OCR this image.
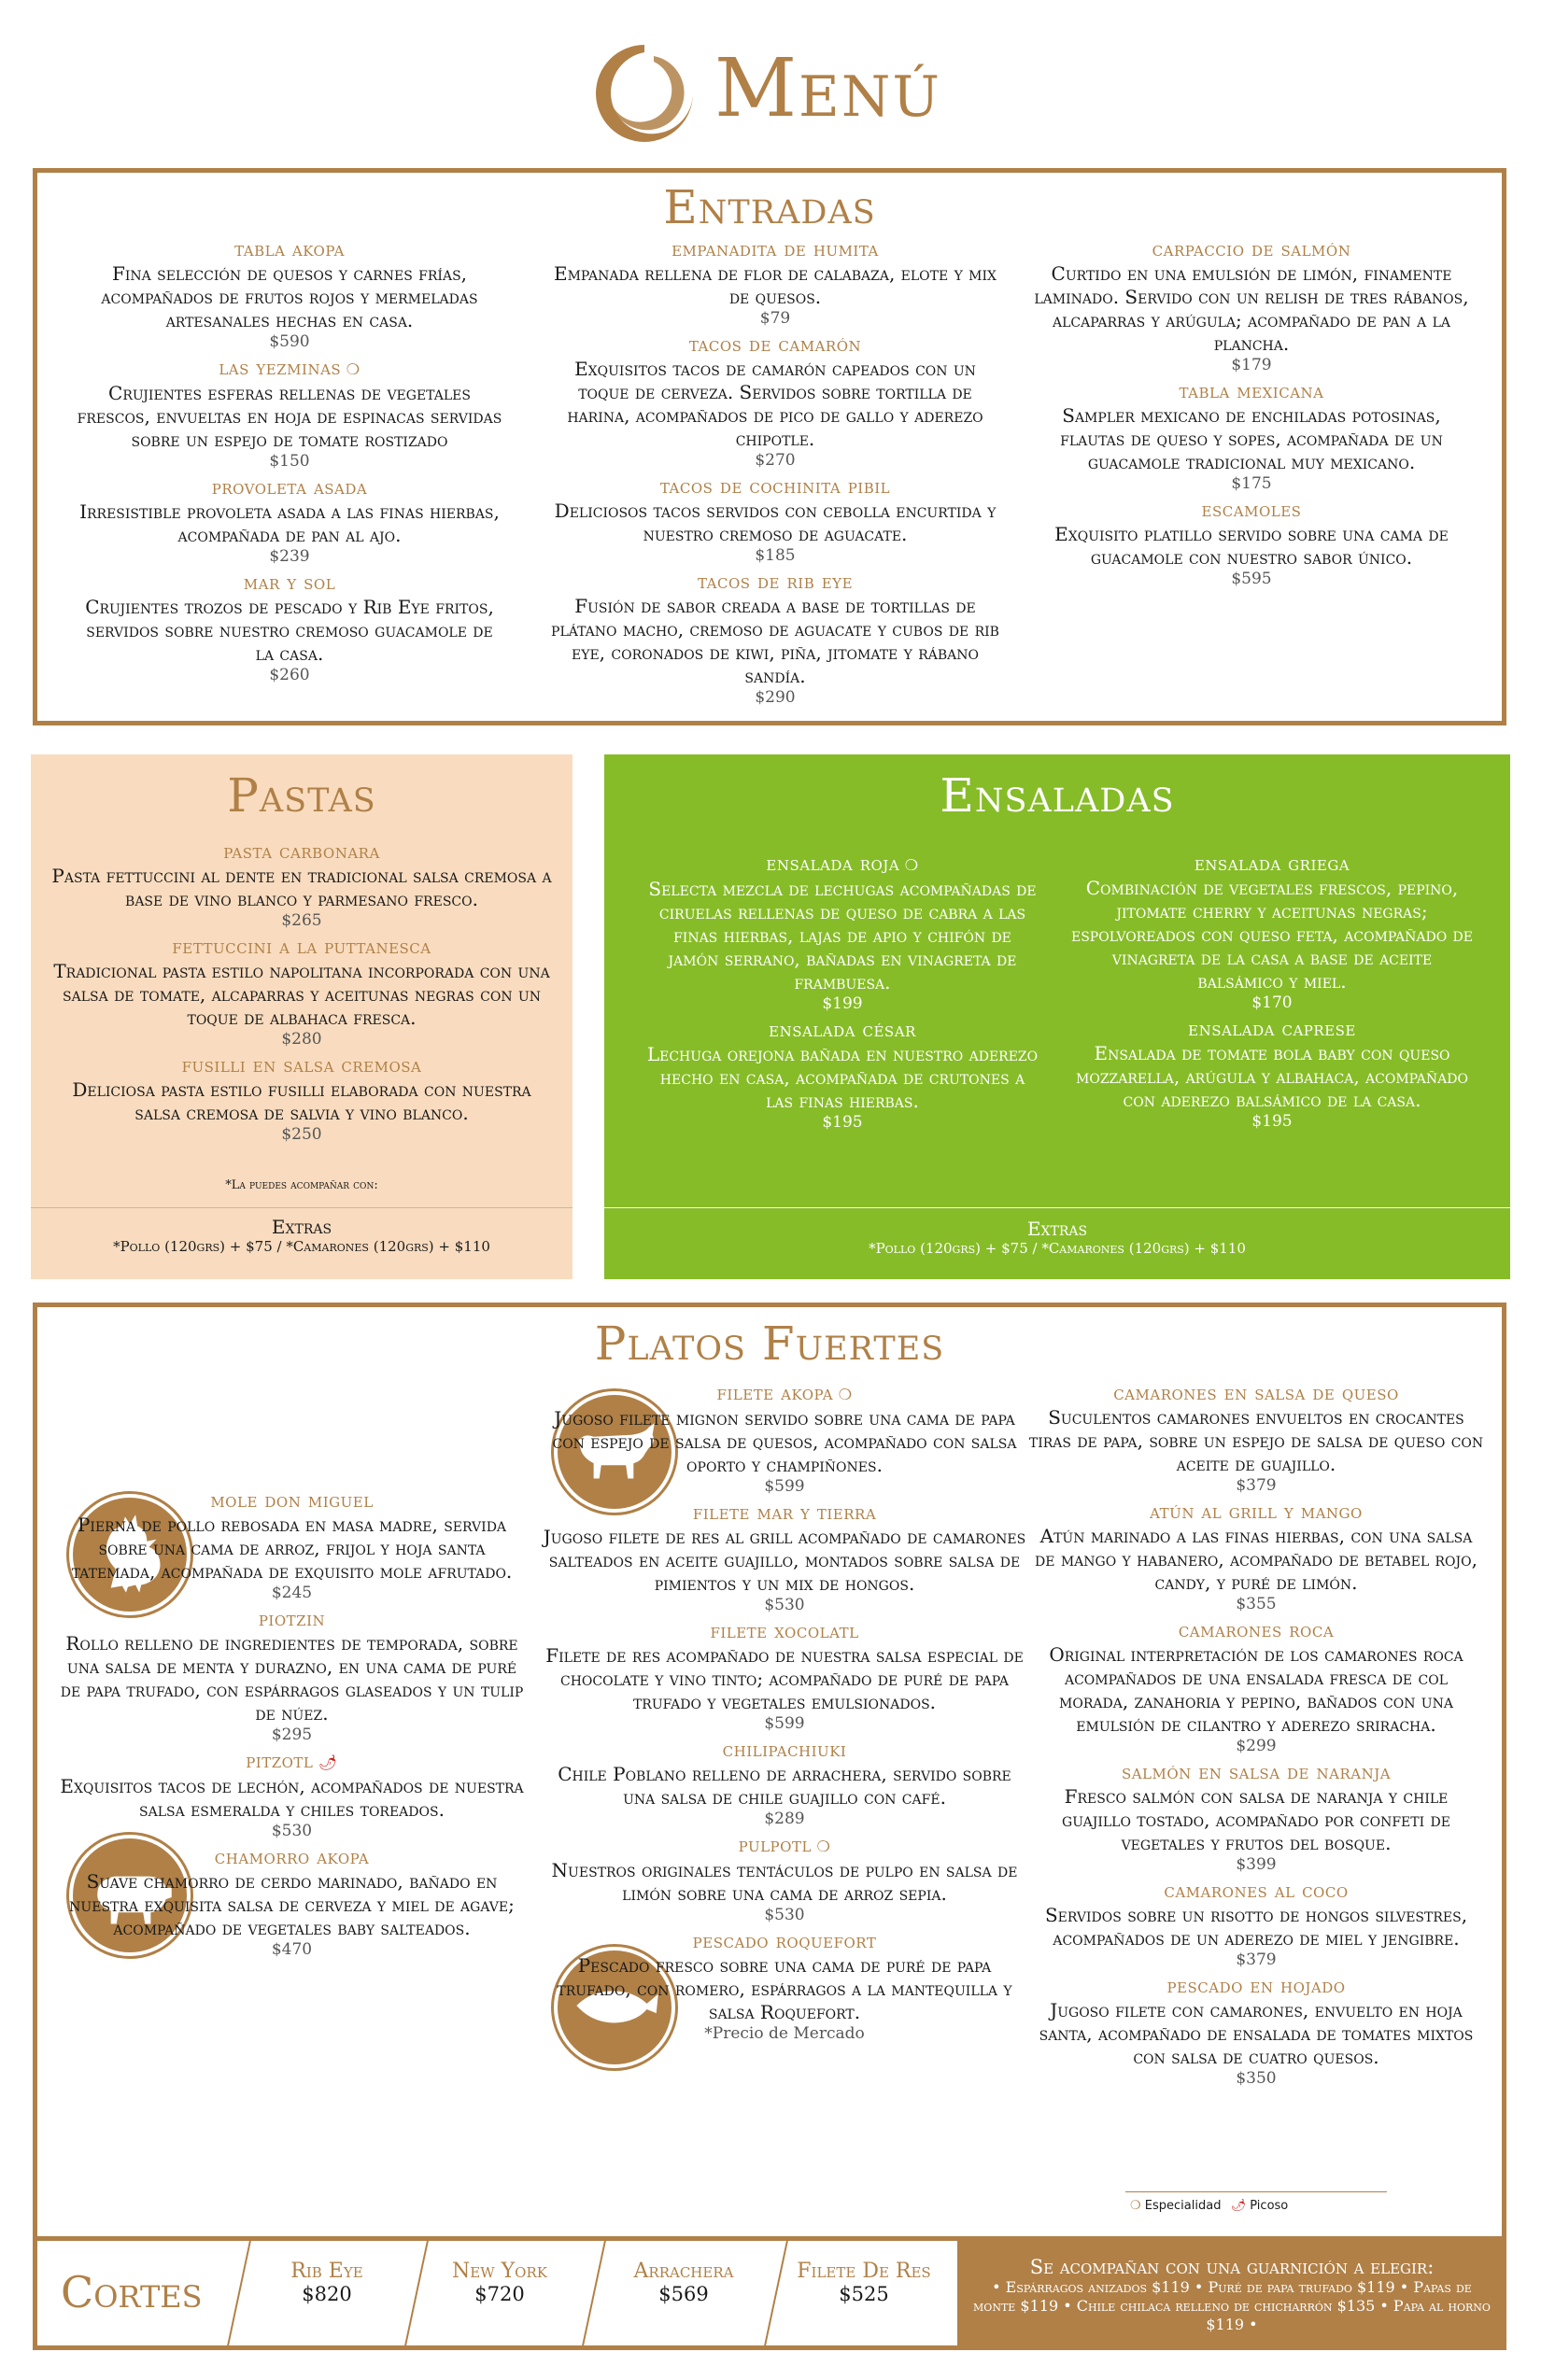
Menú
Entradas
tabla akopa
Fina selección de quesos y carnes frías, acompañados de frutos rojos y mermeladas artesanales hechas en casa.
$590
las yezminas ❍
Crujientes esferas rellenas de vegetales frescos, envueltas en hoja de espinacas servidas sobre un espejo de tomate rostizado
$150
provoleta asada
Irresistible provoleta asada a las finas hierbas, acompañada de pan al ajo.
$239
mar y sol
Crujientes trozos de pescado y Rib Eye fritos, servidos sobre nuestro cremoso guacamole de la casa.
$260
empanadita de humita
Empanada rellena de flor de calabaza, elote y mix de quesos.
$79
tacos de camarón
Exquisitos tacos de camarón capeados con un toque de cerveza. Servidos sobre tortilla de harina, acompañados de pico de gallo y aderezo chipotle.
$270
tacos de cochinita pibil
Deliciosos tacos servidos con cebolla encurtida y nuestro cremoso de aguacate.
$185
tacos de rib eye
Fusión de sabor creada a base de tortillas de plátano macho, cremoso de aguacate y cubos de rib eye, coronados de kiwi, piña, jitomate y rábano sandía.
$290
carpaccio de salmón
Curtido en una emulsión de limón, finamente laminado. Servido con un relish de tres rábanos, alcaparras y arúgula; acompañado de pan a la plancha.
$179
tabla mexicana
Sampler mexicano de enchiladas potosinas, flautas de queso y sopes, acompañada de un guacamole tradicional muy mexicano.
$175
escamoles
Exquisito platillo servido sobre una cama de guacamole con nuestro sabor único.
$595
Pastas
pasta carbonara
Pasta fettuccini al dente en tradicional salsa cremosa a base de vino blanco y parmesano fresco.
$265
fettuccini a la puttanesca
Tradicional pasta estilo napolitana incorporada con una salsa de tomate, alcaparras y aceitunas negras con un toque de albahaca fresca.
$280
fusilli en salsa cremosa
Deliciosa pasta estilo fusilli elaborada con nuestra salsa cremosa de salvia y vino blanco.
$250
*La puedes acompañar con:
Extras
*Pollo (120grs) + $75 / *Camarones (120grs) + $110
Ensaladas
ensalada roja ❍
Selecta mezcla de lechugas acompañadas de ciruelas rellenas de queso de cabra a las finas hierbas, lajas de apio y chifón de jamón serrano, bañadas en vinagreta de frambuesa.
$199
ensalada césar
Lechuga orejona bañada en nuestro aderezo hecho en casa, acompañada de crutones a las finas hierbas.
$195
ensalada griega
Combinación de vegetales frescos, pepino, jitomate cherry y aceitunas negras; espolvoreados con queso feta, acompañado de vinagreta de la casa a base de aceite balsámico y miel.
$170
ensalada caprese
Ensalada de tomate bola baby con queso mozzarella, arúgula y albahaca, acompañado con aderezo balsámico de la casa.
$195
Extras
*Pollo (120grs) + $75 / *Camarones (120grs) + $110
Platos Fuertes
mole don miguel
Pierna de pollo rebosada en masa madre, servida sobre una cama de arroz, frijol y hoja santa tatemada, acompañada de exquisito mole afrutado.
$245
piotzin
Rollo relleno de ingredientes de temporada, sobre una salsa de menta y durazno, en una cama de puré de papa trufado, con espárragos glaseados y un tulip de núez.
$295
pitzotl 🌶
Exquisitos tacos de lechón, acompañados de nuestra salsa esmeralda y chiles toreados.
$530
chamorro akopa
Suave chamorro de cerdo marinado, bañado en nuestra exquisita salsa de cerveza y miel de agave; acompañado de vegetales baby salteados.
$470
filete akopa ❍
Jugoso filete mignon servido sobre una cama de papa con espejo de salsa de quesos, acompañado con salsa oporto y champiñones.
$599
filete mar y tierra
Jugoso filete de res al grill acompañado de camarones salteados en aceite guajillo, montados sobre salsa de pimientos y un mix de hongos.
$530
filete xocolatl
Filete de res acompañado de nuestra salsa especial de chocolate y vino tinto; acompañado de puré de papa trufado y vegetales emulsionados.
$599
chilipachiuki
Chile Poblano relleno de arrachera, servido sobre una salsa de chile guajillo con café.
$289
pulpotl ❍
Nuestros originales tentáculos de pulpo en salsa de limón sobre una cama de arroz sepia.
$530
pescado roquefort
Pescado fresco sobre una cama de puré de papa trufado, con romero, espárragos a la mantequilla y salsa Roquefort.
*Precio de Mercado
camarones en salsa de queso
Suculentos camarones envueltos en crocantes tiras de papa, sobre un espejo de salsa de queso con aceite de guajillo.
$379
atún al grill y mango
Atún marinado a las finas hierbas, con una salsa de mango y habanero, acompañado de betabel rojo, candy, y puré de limón.
$355
camarones roca
Original interpretación de los camarones roca acompañados de una ensalada fresca de col morada, zanahoria y pepino, bañados con una emulsión de cilantro y aderezo sriracha.
$299
salmón en salsa de naranja
Fresco salmón con salsa de naranja y chile guajillo tostado, acompañado por confeti de vegetales y frutos del bosque.
$399
camarones al coco
Servidos sobre un risotto de hongos silvestres, acompañados de un aderezo de miel y jengibre.
$379
pescado en hojado
Jugoso filete con camarones, envuelto en hoja santa, acompañado de ensalada de tomates mixtos con salsa de cuatro quesos.
$350
❍ Especialidad 🌶 Picoso
Cortes	Rib Eye
$820
New York
$720
Arrachera
$569
Filete De Res
$525
Se acompañan con una guarnición a elegir:
• Espárragos anizados $119 • Puré de papa trufado $119 • Papas de monte $119 • Chile chilaca relleno de chicharrón $135 • Papa al horno $119 •
